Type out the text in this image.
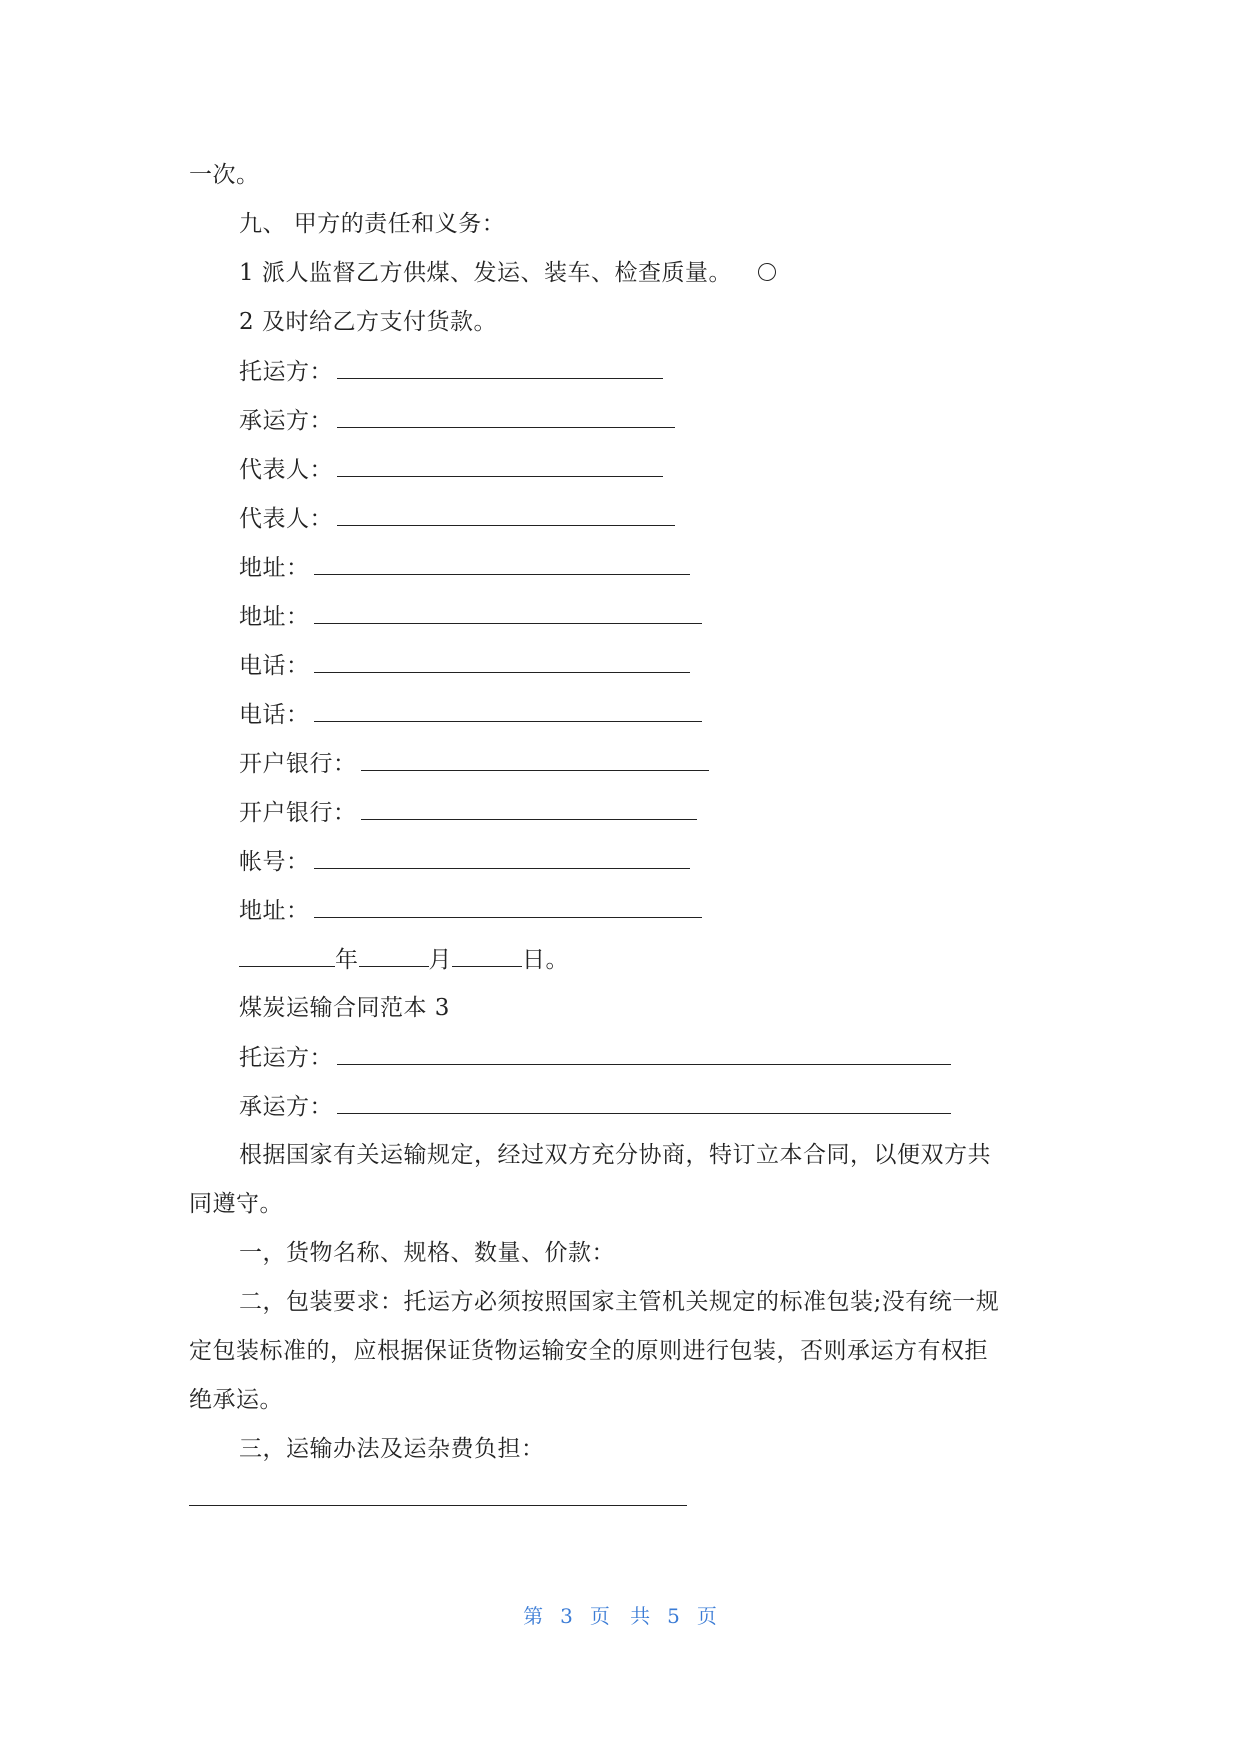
一次。
九、 甲方的责任和义务：
1 派人监督乙方供煤、发运、装车、检查质量。
2 及时给乙方支付货款。
托运方：
承运方：
代表人：
代表人：
地址：
地址：
电话：
电话：
开户银行：
开户银行：
帐号：
地址：
年	月	日。
煤炭运输合同范本 3
托运方：
承运方：
根据国家有关运输规定，经过双方充分协商，特订立本合同，以便双方共
同遵守。
一，货物名称、规格、数量、价款：
二，包装要求：托运方必须按照国家主管机关规定的标准包装;没有统一规
定包装标准的，应根据保证货物运输安全的原则进行包装，否则承运方有权拒
绝承运。
三，运输办法及运杂费负担：
第 3 页 共 5 页
